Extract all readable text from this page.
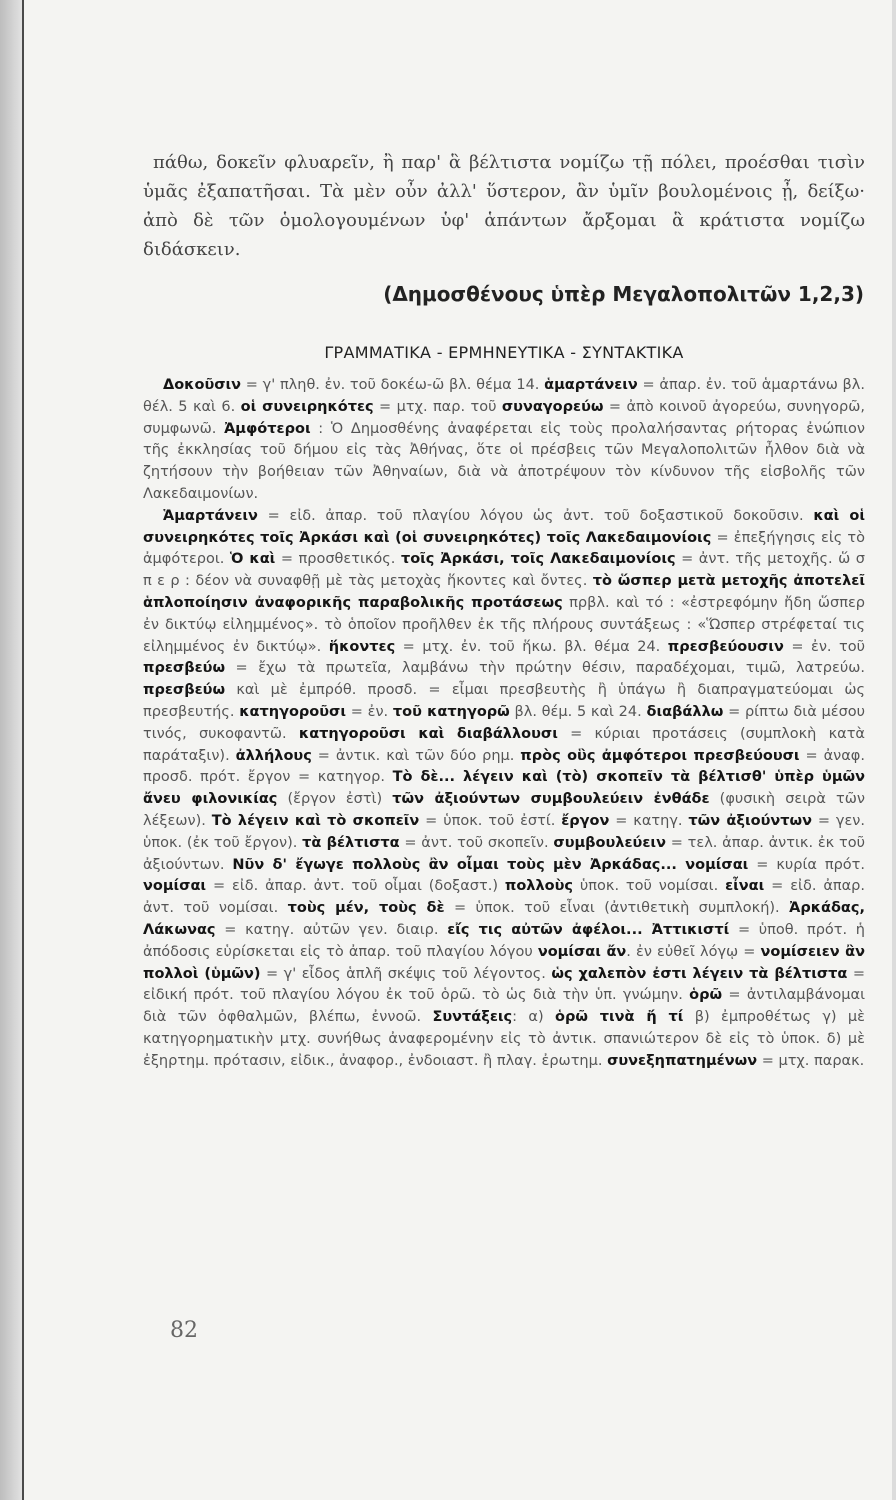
πάθω, δοκεῖν φλυαρεῖν, ἢ παρ' ἃ βέλτιστα νομίζω τῇ πόλει, προέσθαι τισὶν ὑμᾶς ἐξαπατῆσαι. Τὰ μὲν οὖν ἀλλ' ὕστερον, ἂν ὑμῖν βουλομένοις ᾖ, δείξω· ἀπὸ δὲ τῶν ὁμολογουμένων ὑφ' ἁπάντων ἄρξομαι ἃ κράτιστα νομίζω διδάσκειν.

(Δημοσθένους ὑπὲρ Μεγαλοπολιτῶν 1,2,3)
ΓΡΑΜΜΑΤΙΚΑ - ΕΡΜΗΝΕΥΤΙΚΑ - ΣΥΝΤΑΚΤΙΚΑ

Δοκοῦσιν = γ' πληθ. ἐν. τοῦ δοκέω-ῶ βλ. θέμα 14. ἁμαρτάνειν = ἀπαρ. ἐν. τοῦ ἁμαρτάνω βλ. θέλ. 5 καὶ 6. οἱ συνειρηκότες = μτχ. παρ. τοῦ συναγορεύω = ἀπὸ κοινοῦ ἀγορεύω, συνηγορῶ, συμφωνῶ. Ἀμφότεροι : Ὁ Δημοσθένης ἀναφέρεται εἰς τοὺς προλαλήσαντας ρήτορας ἐνώπιον τῆς ἐκκλησίας τοῦ δήμου εἰς τὰς Ἀθήνας, ὅτε οἱ πρέσβεις τῶν Μεγαλοπολιτῶν ἦλθον διὰ νὰ ζητήσουν τὴν βοήθειαν τῶν Ἀθηναίων, διὰ νὰ ἀποτρέψουν τὸν κίνδυνον τῆς εἰσβολῆς τῶν Λακεδαιμονίων.

Ἁμαρτάνειν = εἰδ. ἀπαρ. τοῦ πλαγίου λόγου ὡς ἀντ. τοῦ δοξαστικοῦ δοκοῦσιν. καὶ οἱ συνειρηκότες τοῖς Ἀρκάσι καὶ (οἱ συνειρηκότες) τοῖς Λακεδαιμονίοις = ἐπεξήγησις εἰς τὸ ἀμφότεροι. Ὁ καὶ = προσθετικός. τοῖς Ἀρκάσι, τοῖς Λακεδαιμονίοις = ἀντ. τῆς μετοχῆς. ὥ σ π ε ρ : δέον νὰ συναφθῇ μὲ τὰς μετοχὰς ἥκοντες καὶ ὄντες. τὸ ὥσπερ μετὰ μετοχῆς ἀποτελεῖ ἁπλοποίησιν ἀναφορικῆς παραβολικῆς προτάσεως πρβλ. καὶ τό : «ἐστρεφόμην ἤδη ὥσπερ ἐν δικτύῳ εἰλημμένος». τὸ ὁποῖον προῆλθεν ἐκ τῆς πλήρους συντάξεως : «Ὥσπερ στρέφεταί τις εἰλημμένος ἐν δικτύῳ». ἥκοντες = μτχ. ἐν. τοῦ ἥκω. βλ. θέμα 24. πρεσβεύουσιν = ἐν. τοῦ πρεσβεύω = ἔχω τὰ πρωτεῖα, λαμβάνω τὴν πρώτην θέσιν, παραδέχομαι, τιμῶ, λατρεύω. πρεσβεύω καὶ μὲ ἐμπρόθ. προσδ. = εἶμαι πρεσβευτὴς ἢ ὑπάγω ἢ διαπραγματεύομαι ὡς πρεσβευτής. κατηγοροῦσι = ἐν. τοῦ κατηγορῶ βλ. θέμ. 5 καὶ 24. διαβάλλω = ρίπτω διὰ μέσου τινός, συκοφαντῶ. κατηγοροῦσι καὶ διαβάλλουσι = κύριαι προτάσεις (συμπλοκὴ κατὰ παράταξιν). ἀλλήλους = ἀντικ. καὶ τῶν δύο ρημ. πρὸς οὓς ἀμφότεροι πρεσβεύουσι = ἀναφ. προσδ. πρότ. ἔργον = κατηγορ. Τὸ δὲ... λέγειν καὶ (τὸ) σκοπεῖν τὰ βέλτισθ' ὑπὲρ ὑμῶν ἄνευ φιλονικίας (ἔργον ἐστὶ) τῶν ἀξιούντων συμβουλεύειν ἐνθάδε (φυσικὴ σειρὰ τῶν λέξεων). Τὸ λέγειν καὶ τὸ σκοπεῖν = ὑποκ. τοῦ ἐστί. ἔργον = κατηγ. τῶν ἀξιούντων = γεν. ὑποκ. (ἐκ τοῦ ἔργον). τὰ βέλτιστα = ἀντ. τοῦ σκοπεῖν. συμβουλεύειν = τελ. ἀπαρ. ἀντικ. ἐκ τοῦ ἀξιούντων. Νῦν δ' ἔγωγε πολλοὺς ἂν οἶμαι τοὺς μὲν Ἀρκάδας... νομίσαι = κυρία πρότ. νομίσαι = εἰδ. ἀπαρ. ἀντ. τοῦ οἶμαι (δοξαστ.) πολλοὺς ὑποκ. τοῦ νομίσαι. εἶναι = εἰδ. ἀπαρ. ἀντ. τοῦ νομίσαι. τοὺς μέν, τοὺς δὲ = ὑποκ. τοῦ εἶναι (ἀντιθετικὴ συμπλοκή). Ἀρκάδας, Λάκωνας = κατηγ. αὐτῶν γεν. διαιρ. εἴς τις αὐτῶν ἀφέλοι... Ἀττικιστί = ὑποθ. πρότ. ἡ ἀπόδοσις εὑρίσκεται εἰς τὸ ἀπαρ. τοῦ πλαγίου λόγου νομίσαι ἄν. ἐν εὐθεῖ λόγῳ = νομίσειεν ἂν πολλοὶ (ὑμῶν) = γ' εἶδος ἁπλῆ σκέψις τοῦ λέγοντος. ὡς χαλεπὸν ἐστι λέγειν τὰ βέλτιστα = εἰδική πρότ. τοῦ πλαγίου λόγου ἐκ τοῦ ὁρῶ. τὸ ὡς διὰ τὴν ὑπ. γνώμην. ὁρῶ = ἀντιλαμβάνομαι διὰ τῶν ὀφθαλμῶν, βλέπω, ἐννοῶ. Συντάξεις: α) ὁρῶ τινὰ ἤ τί β) ἐμπροθέτως γ) μὲ κατηγορηματικὴν μτχ. συνήθως ἀναφερομένην εἰς τὸ ἀντικ. σπανιώτερον δὲ εἰς τὸ ὑποκ. δ) μὲ ἐξηρτημ. πρότασιν, εἰδικ., ἀναφορ., ἐνδοιαστ. ἢ πλαγ. ἐρωτημ. συνεξηπατημένων = μτχ. παρακ.

82
